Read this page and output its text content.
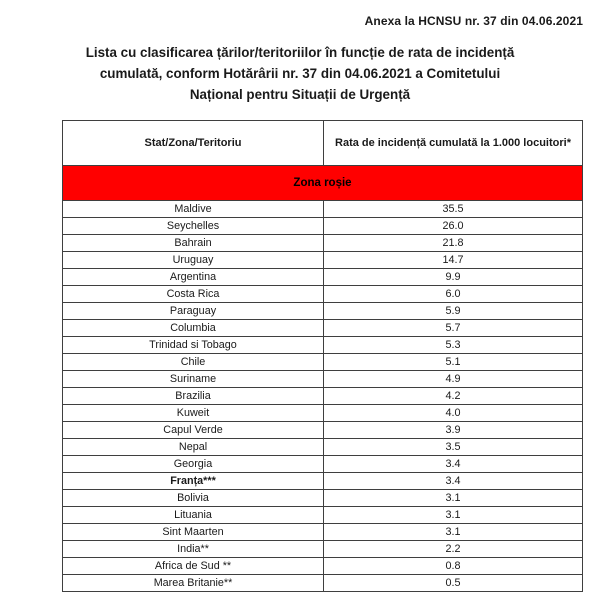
Anexa la HCNSU nr. 37 din 04.06.2021
Lista cu clasificarea țărilor/teritoriilor în funcție de rata de incidență
cumulată, conform Hotărârii nr. 37 din 04.06.2021 a Comitetului
Național pentru Situații de Urgență
Stat/Zona/Teritoriu	Rata de incidență cumulată la 1.000 locuitori*
Zona roșie	
Maldive	35.5
Seychelles	26.0
Bahrain	21.8
Uruguay	14.7
Argentina	9.9
Costa Rica	6.0
Paraguay	5.9
Columbia	5.7
Trinidad si Tobago	5.3
Chile	5.1
Suriname	4.9
Brazilia	4.2
Kuweit	4.0
Capul Verde	3.9
Nepal	3.5
Georgia	3.4
Franța***	3.4
Bolivia	3.1
Lituania	3.1
Sint Maarten	3.1
India**	2.2
Africa de Sud **	0.8
Marea Britanie**	0.5
